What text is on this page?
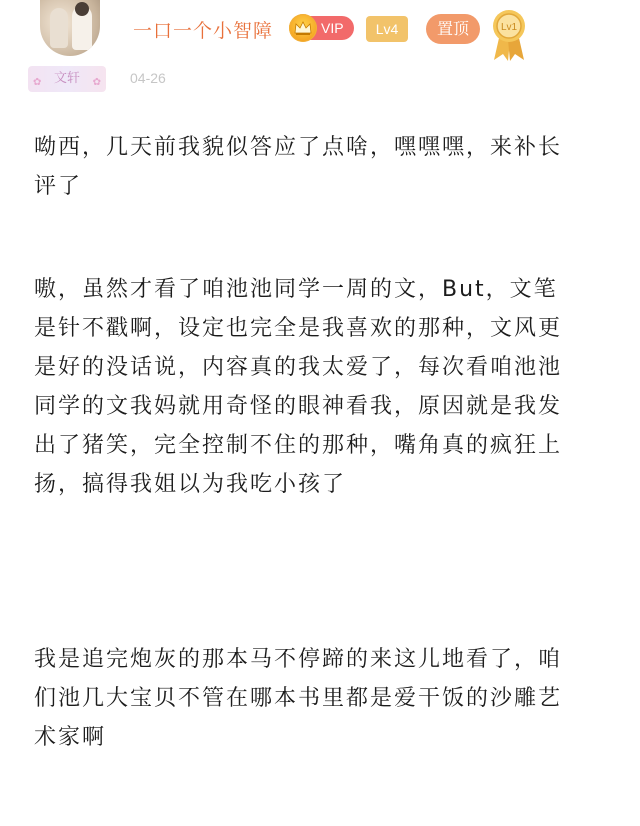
一口一个小智障	VIP	Lv4	置顶	Lv1
✿ 文轩 ✿ 04-26
呦西，几天前我貌似答应了点啥，嘿嘿嘿，来补长
评了
嗷，虽然才看了咱池池同学一周的文，But，文笔
是针不戳啊，设定也完全是我喜欢的那种，文风更
是好的没话说，内容真的我太爱了，每次看咱池池
同学的文我妈就用奇怪的眼神看我，原因就是我发
出了猪笑，完全控制不住的那种，嘴角真的疯狂上
扬，搞得我姐以为我吃小孩了
我是追完炮灰的那本马不停蹄的来这儿地看了，咱
们池几大宝贝不管在哪本书里都是爱干饭的沙雕艺
术家啊
